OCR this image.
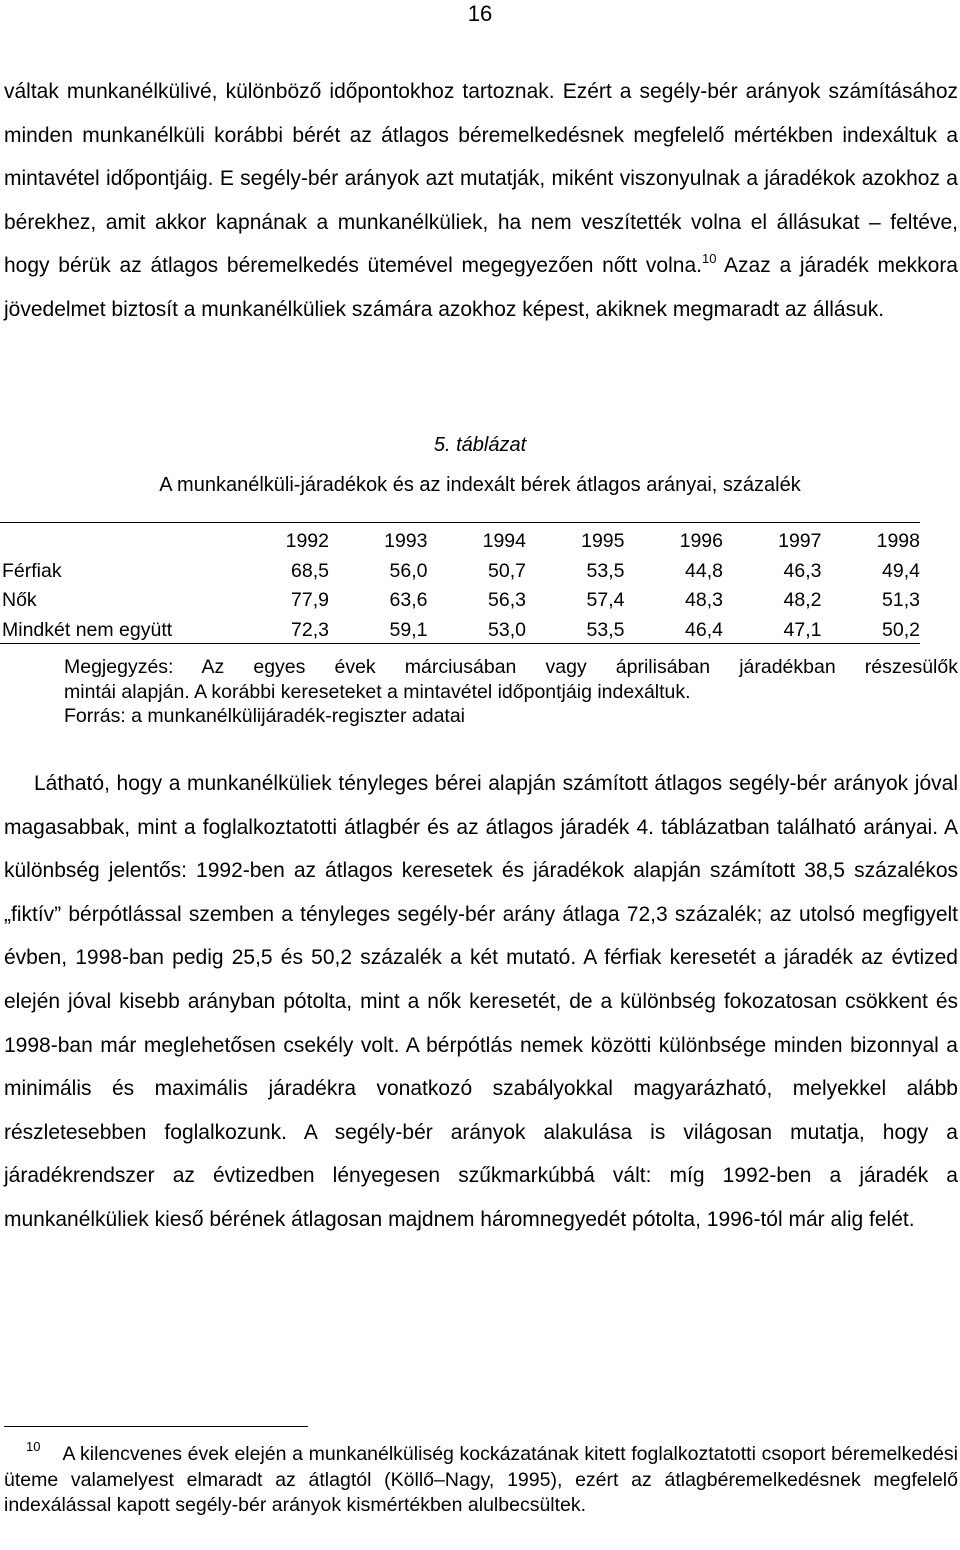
16

váltak munkanélkülivé, különböző időpontokhoz tartoznak. Ezért a segély-bér arányok számításához minden munkanélküli korábbi bérét az átlagos béremelkedésnek megfelelő mértékben indexáltuk a mintavétel időpontjáig. E segély-bér arányok azt mutatják, miként viszonyulnak a járadékok azokhoz a bérekhez, amit akkor kapnának a munkanélküliek, ha nem veszítették volna el állásukat – feltéve, hogy bérük az átlagos béremelkedés ütemével megegyezően nőtt volna.$^{10}$ Azaz a járadék mekkora jövedelmet biztosít a munkanélküliek számára azokhoz képest, akiknek megmaradt az állásuk.

5. táblázat
A munkanélküli-járadékok és az indexált bérek átlagos arányai, százalék
	1992	1993	1994	1995	1996	1997	1998
Férfiak	68,5	56,0	50,7	53,5	44,8	46,3	49,4
Nők	77,9	63,6	56,3	57,4	48,3	48,2	51,3
Mindkét nem együtt	72,3	59,1	53,0	53,5	46,4	47,1	50,2

Megjegyzés: Az egyes évek márciusában vagy áprilisában járadékban részesülők
mintái alapján. A korábbi kereseteket a mintavétel időpontjáig indexáltuk.
Forrás: a munkanélkülijáradék-regiszter adatai

Látható, hogy a munkanélküliek tényleges bérei alapján számított átlagos segély-bér arányok jóval magasabbak, mint a foglalkoztatotti átlagbér és az átlagos járadék 4. táblázatban található arányai. A különbség jelentős: 1992-ben az átlagos keresetek és járadékok alapján számított 38,5 százalékos „fiktív” bérpótlással szemben a tényleges segély-bér arány átlaga 72,3 százalék; az utolsó megfigyelt évben, 1998-ban pedig 25,5 és 50,2 százalék a két mutató. A férfiak keresetét a járadék az évtized elején jóval kisebb arányban pótolta, mint a nők keresetét, de a különbség fokozatosan csökkent és 1998-ban már meglehetősen csekély volt. A bérpótlás nemek közötti különbsége minden bizonnyal a minimális és maximális járadékra vonatkozó szabályokkal magyarázható, melyekkel alább részletesebben foglalkozunk. A segély-bér arányok alakulása is világosan mutatja, hogy a járadékrendszer az évtizedben lényegesen szűkmarkúbbá vált: míg 1992-ben a járadék a munkanélküliek kieső bérének átlagosan majdnem háromnegyedét pótolta, 1996-tól már alig felét.

$^{10}$ A kilencvenes évek elején a munkanélküliség kockázatának kitett foglalkoztatotti csoport béremelkedési üteme valamelyest elmaradt az átlagtól (Köllő–Nagy, 1995), ezért az átlagbéremelkedésnek megfelelő indexálással kapott segély-bér arányok kismértékben alulbecsültek.
